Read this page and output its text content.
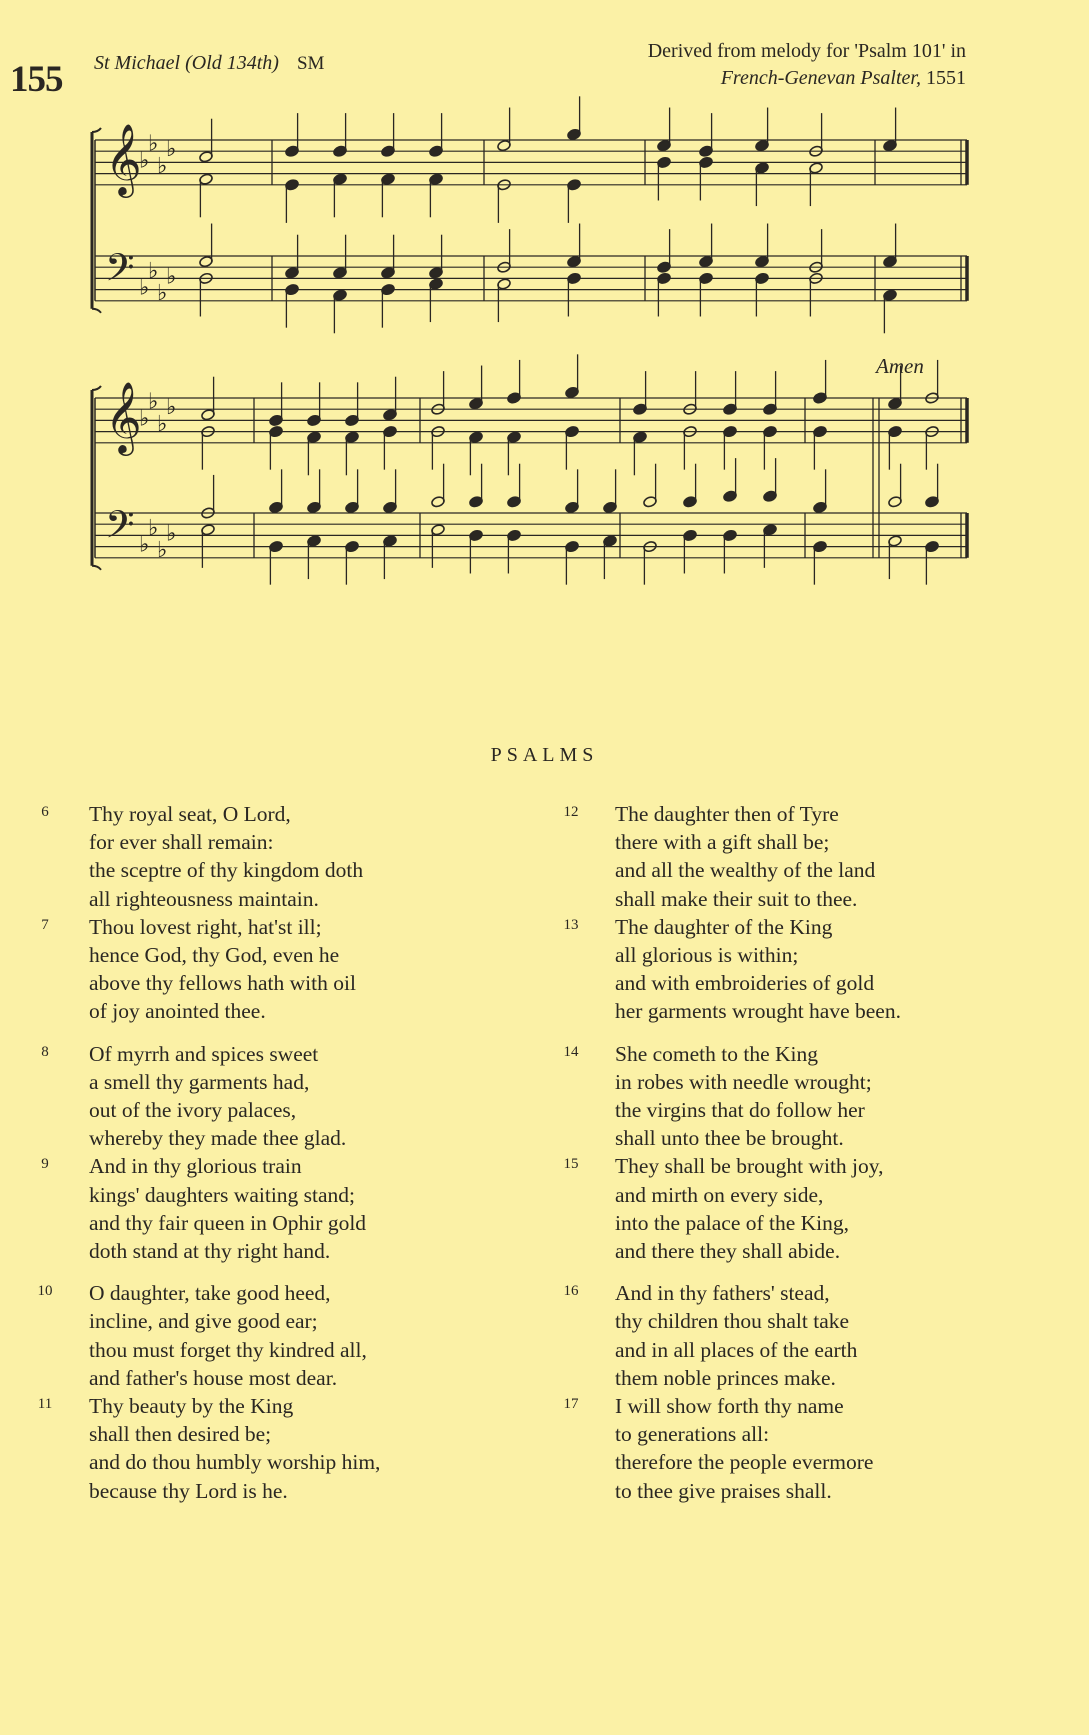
155 St Michael (Old 134th) SM
Derived from melody for 'Psalm 101' in
French-Genevan Psalter, 1551
𝄞
𝄢
♭
♭
♭
♭
♭
♭
♭
♭
𝄞
𝄢
♭
♭
♭
♭
♭
♭
♭
♭
Amen
PSALMS
6	Thy royal seat, O Lord,
for ever shall remain:
the sceptre of thy kingdom doth
all righteousness maintain.
7	Thou lovest right, hat'st ill;
hence God, thy God, even he
above thy fellows hath with oil
of joy anointed thee.
8	Of myrrh and spices sweet
a smell thy garments had,
out of the ivory palaces,
whereby they made thee glad.
9	And in thy glorious train
kings' daughters waiting stand;
and thy fair queen in Ophir gold
doth stand at thy right hand.
10	O daughter, take good heed,
incline, and give good ear;
thou must forget thy kindred all,
and father's house most dear.
11	Thy beauty by the King
shall then desired be;
and do thou humbly worship him,
because thy Lord is he.
12	The daughter then of Tyre
there with a gift shall be;
and all the wealthy of the land
shall make their suit to thee.
13	The daughter of the King
all glorious is within;
and with embroideries of gold
her garments wrought have been.
14	She cometh to the King
in robes with needle wrought;
the virgins that do follow her
shall unto thee be brought.
15	They shall be brought with joy,
and mirth on every side,
into the palace of the King,
and there they shall abide.
16	And in thy fathers' stead,
thy children thou shalt take
and in all places of the earth
them noble princes make.
17	I will show forth thy name
to generations all:
therefore the people evermore
to thee give praises shall.
